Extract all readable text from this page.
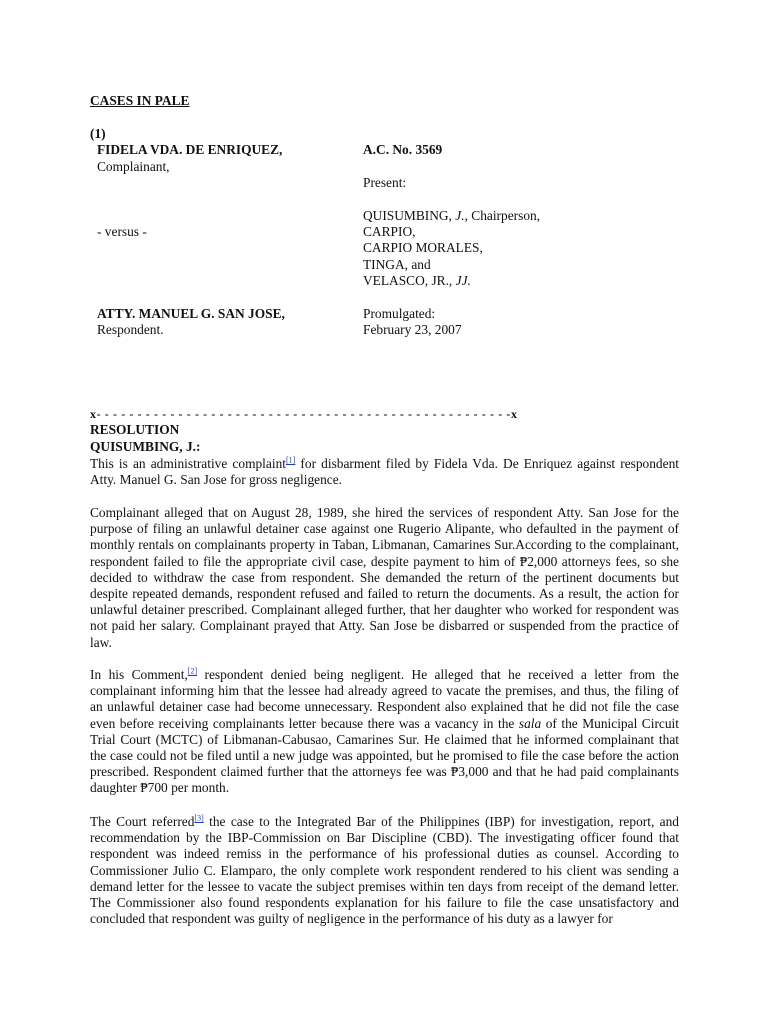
CASES IN PALE
(1)
FIDELA VDA. DE ENRIQUEZ,
Complainant,
- versus -
ATTY. MANUEL G. SAN JOSE,
Respondent.
A.C. No. 3569
Present:
QUISUMBING, J., Chairperson,
CARPIO,
CARPIO MORALES,
TINGA, and
VELASCO, JR., JJ.
Promulgated:
February 23, 2007
x- - - - - - - - - - - - - - - - - - - - - - - - - - - - - - - - - - - - - - - - - - - - - - - - - - -x
RESOLUTION
QUISUMBING, J.:

This is an administrative complaint[1] for disbarment filed by Fidela Vda. De Enriquez against respondent Atty. Manuel G. San Jose for gross negligence.

Complainant alleged that on August 28, 1989, she hired the services of respondent Atty. San Jose for the purpose of filing an unlawful detainer case against one Rugerio Alipante, who defaulted in the payment of monthly rentals on complainants property in Taban, Libmanan, Camarines Sur.According to the complainant, respondent failed to file the appropriate civil case, despite payment to him of ₱2,000 attorneys fees, so she decided to withdraw the case from respondent. She demanded the return of the pertinent documents but despite repeated demands, respondent refused and failed to return the documents. As a result, the action for unlawful detainer prescribed. Complainant alleged further, that her daughter who worked for respondent was not paid her salary. Complainant prayed that Atty. San Jose be disbarred or suspended from the practice of law.

In his Comment,[2] respondent denied being negligent. He alleged that he received a letter from the complainant informing him that the lessee had already agreed to vacate the premises, and thus, the filing of an unlawful detainer case had become unnecessary. Respondent also explained that he did not file the case even before receiving complainants letter because there was a vacancy in the sala of the Municipal Circuit Trial Court (MCTC) of Libmanan-Cabusao, Camarines Sur. He claimed that he informed complainant that the case could not be filed until a new judge was appointed, but he promised to file the case before the action prescribed. Respondent claimed further that the attorneys fee was ₱3,000 and that he had paid complainants daughter ₱700 per month.

The Court referred[3] the case to the Integrated Bar of the Philippines (IBP) for investigation, report, and recommendation by the IBP-Commission on Bar Discipline (CBD). The investigating officer found that respondent was indeed remiss in the performance of his professional duties as counsel. According to Commissioner Julio C. Elamparo, the only complete work respondent rendered to his client was sending a demand letter for the lessee to vacate the subject premises within ten days from receipt of the demand letter. The Commissioner also found respondents explanation for his failure to file the case unsatisfactory and concluded that respondent was guilty of negligence in the performance of his duty as a lawyer for
